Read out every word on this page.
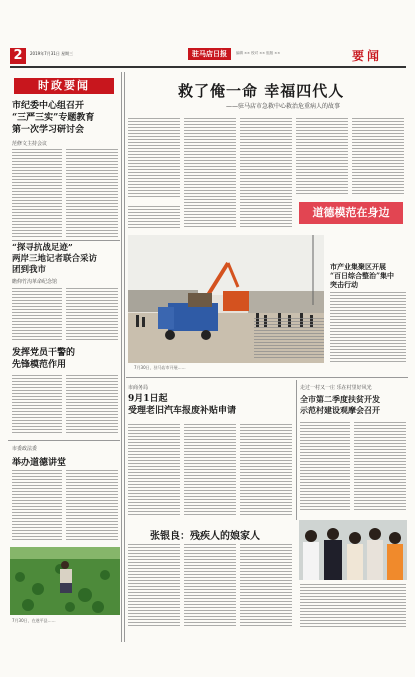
2	2019年7月31日 星期三	驻马店日报	编辑 ×× 校对 ×× 组版 ××	要闻
时政要闻
市纪委中心组召开
“三严三实”专题教育
第一次学习研讨会
范修文主持会议
“探寻抗战足迹”
两岸三地记者联合采访
团到我市
瞻仰竹沟革命纪念馆
发挥党员干警的
先锋模范作用
市委政法委
举办道德讲堂
7月30日，在遂平县……
救了俺一命 幸福四代人
——驻马店市急救中心救治危重病人的故事
道德模范在身边
市产业集聚区开展
“百日综合整治”集中
突击行动
7月30日，驻马店市开展……
市商务局
9月1日起
受理老旧汽车报废补贴申请
走过一村又一庄 乐在村里好风光
全市第二季度扶贫开发
示范村建设观摩会召开
张银良：残疾人的娘家人
